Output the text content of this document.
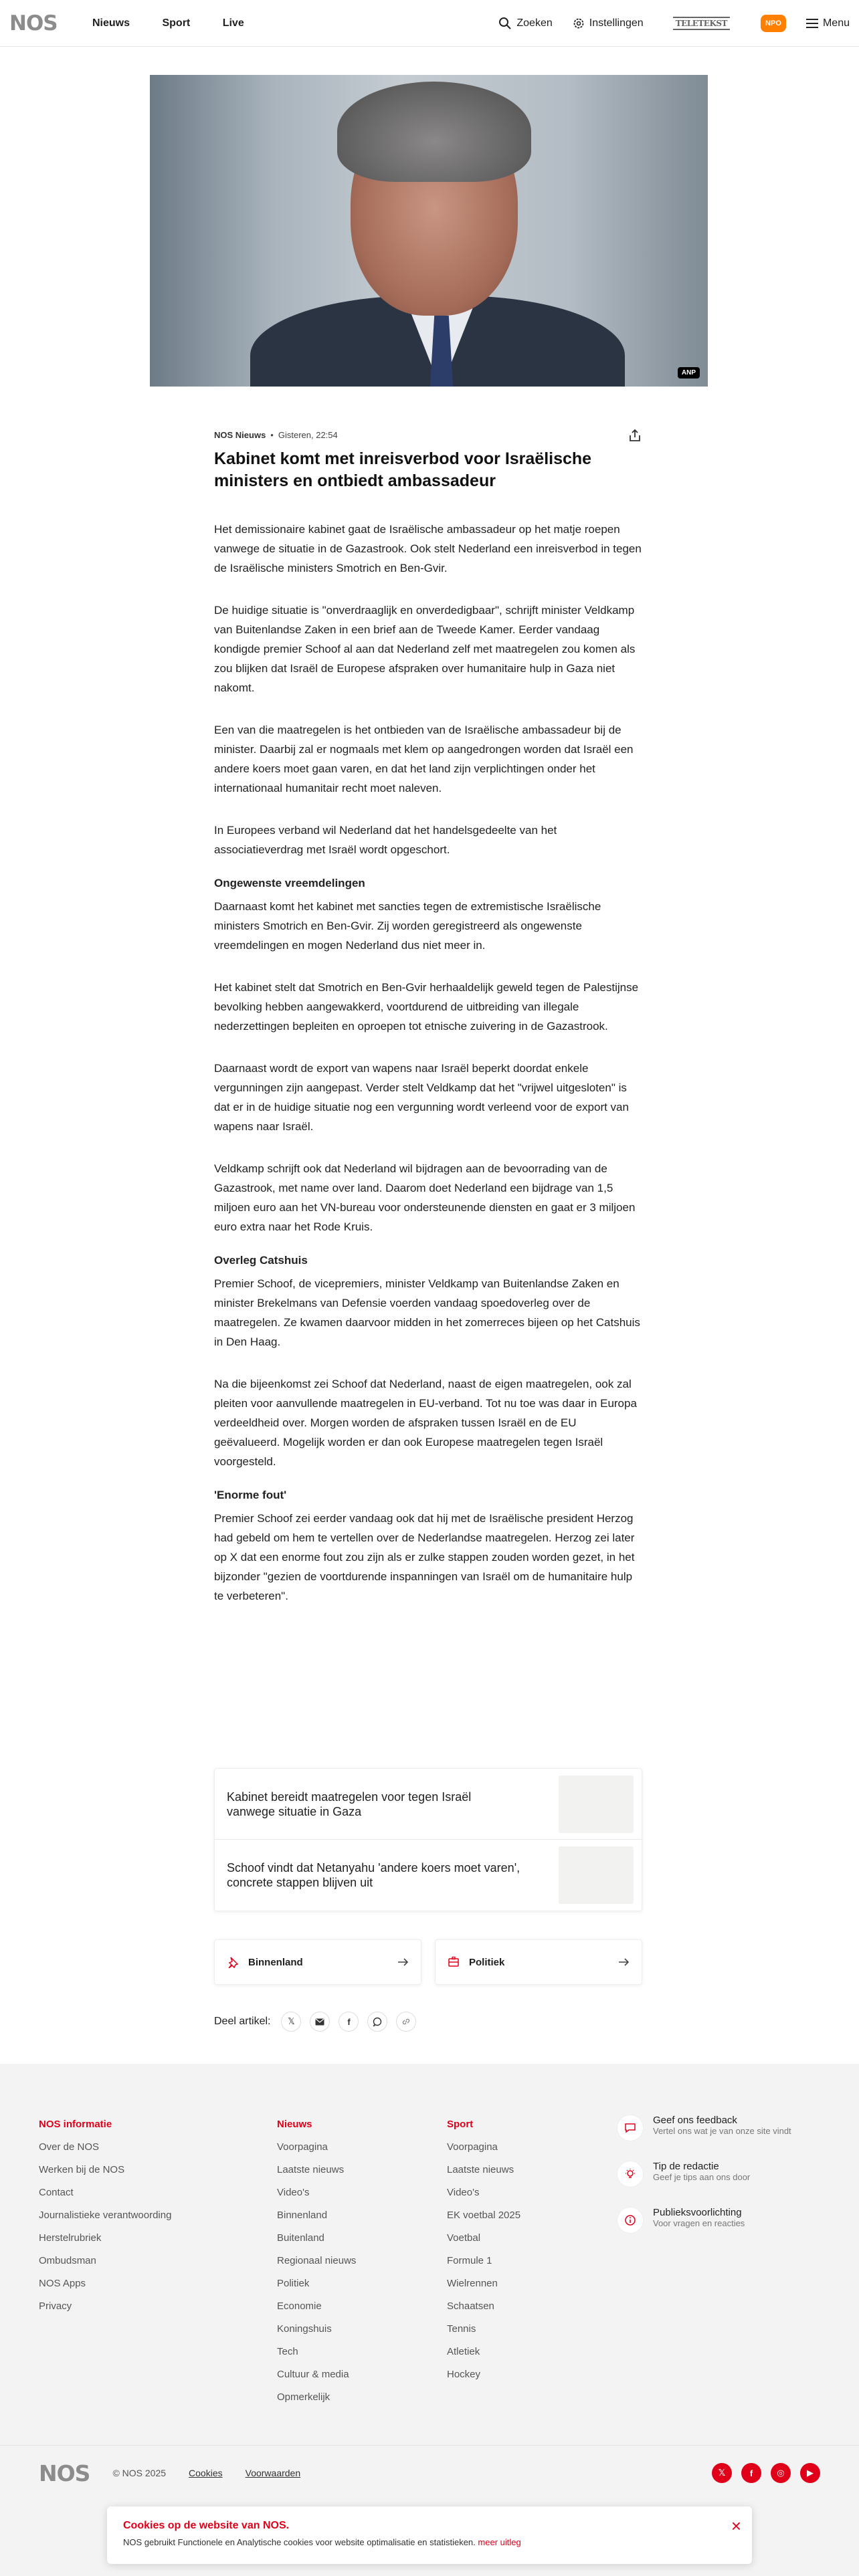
NOS	Nieuws	Sport	Live	Zoeken	Instellingen	TELETEKST	NPO	Menu
ANP
NOS Nieuws • Gisteren, 22:54
Kabinet komt met inreisverbod voor Israëlische ministers en ontbiedt ambassadeur

Het demissionaire kabinet gaat de Israëlische ambassadeur op het matje roepen vanwege de situatie in de Gazastrook. Ook stelt Nederland een inreisverbod in tegen de Israëlische ministers Smotrich en Ben-Gvir.

De huidige situatie is "onverdraaglijk en onverdedigbaar", schrijft minister Veldkamp van Buitenlandse Zaken in een brief aan de Tweede Kamer. Eerder vandaag kondigde premier Schoof al aan dat Nederland zelf met maatregelen zou komen als zou blijken dat Israël de Europese afspraken over humanitaire hulp in Gaza niet nakomt.

Een van die maatregelen is het ontbieden van de Israëlische ambassadeur bij de minister. Daarbij zal er nogmaals met klem op aangedrongen worden dat Israël een andere koers moet gaan varen, en dat het land zijn verplichtingen onder het internationaal humanitair recht moet naleven.

In Europees verband wil Nederland dat het handelsgedeelte van het associatieverdrag met Israël wordt opgeschort.

Ongewenste vreemdelingen

Daarnaast komt het kabinet met sancties tegen de extremistische Israëlische ministers Smotrich en Ben-Gvir. Zij worden geregistreerd als ongewenste vreemdelingen en mogen Nederland dus niet meer in.

Het kabinet stelt dat Smotrich en Ben-Gvir herhaaldelijk geweld tegen de Palestijnse bevolking hebben aangewakkerd, voortdurend de uitbreiding van illegale nederzettingen bepleiten en oproepen tot etnische zuivering in de Gazastrook.

Daarnaast wordt de export van wapens naar Israël beperkt doordat enkele vergunningen zijn aangepast. Verder stelt Veldkamp dat het "vrijwel uitgesloten" is dat er in de huidige situatie nog een vergunning wordt verleend voor de export van wapens naar Israël.

Veldkamp schrijft ook dat Nederland wil bijdragen aan de bevoorrading van de Gazastrook, met name over land. Daarom doet Nederland een bijdrage van 1,5 miljoen euro aan het VN-bureau voor ondersteunende diensten en gaat er 3 miljoen euro extra naar het Rode Kruis.

Overleg Catshuis

Premier Schoof, de vicepremiers, minister Veldkamp van Buitenlandse Zaken en minister Brekelmans van Defensie voerden vandaag spoedoverleg over de maatregelen. Ze kwamen daarvoor midden in het zomerreces bijeen op het Catshuis in Den Haag.

Na die bijeenkomst zei Schoof dat Nederland, naast de eigen maatregelen, ook zal pleiten voor aanvullende maatregelen in EU-verband. Tot nu toe was daar in Europa verdeeldheid over. Morgen worden de afspraken tussen Israël en de EU geëvalueerd. Mogelijk worden er dan ook Europese maatregelen tegen Israël voorgesteld.

'Enorme fout'

Premier Schoof zei eerder vandaag ook dat hij met de Israëlische president Herzog had gebeld om hem te vertellen over de Nederlandse maatregelen. Herzog zei later op X dat een enorme fout zou zijn als er zulke stappen zouden worden gezet, in het bijzonder "gezien de voortdurende inspanningen van Israël om de humanitaire hulp te verbeteren".

Kabinet bereidt maatregelen voor tegen Israël vanwege situatie in Gaza
Schoof vindt dat Netanyahu 'andere koers moet varen', concrete stappen blijven uit
Binnenland	Politiek
Deel artikel: 𝕏	f
NOS informatie
Over de NOS
Werken bij de NOS
Contact
Journalistieke verantwoording
Herstelrubriek
Ombudsman
NOS Apps
Privacy
Nieuws
Voorpagina
Laatste nieuws
Video's
Binnenland
Buitenland
Regionaal nieuws
Politiek
Economie
Koningshuis
Tech
Cultuur & media
Opmerkelijk
Sport
Voorpagina
Laatste nieuws
Video's
EK voetbal 2025
Voetbal
Formule 1
Wielrennen
Schaatsen
Tennis
Atletiek
Hockey
Geef ons feedback
Vertel ons wat je van onze site vindt
Tip de redactie
Geef je tips aan ons door
Publieksvoorlichting
Voor vragen en reacties
NOS © NOS 2025 Cookies Voorwaarden	𝕏	f	◎	▶
Cookies op de website van NOS.
NOS gebruikt Functionele en Analytische cookies voor website optimalisatie en statistieken. meer uitleg
×
